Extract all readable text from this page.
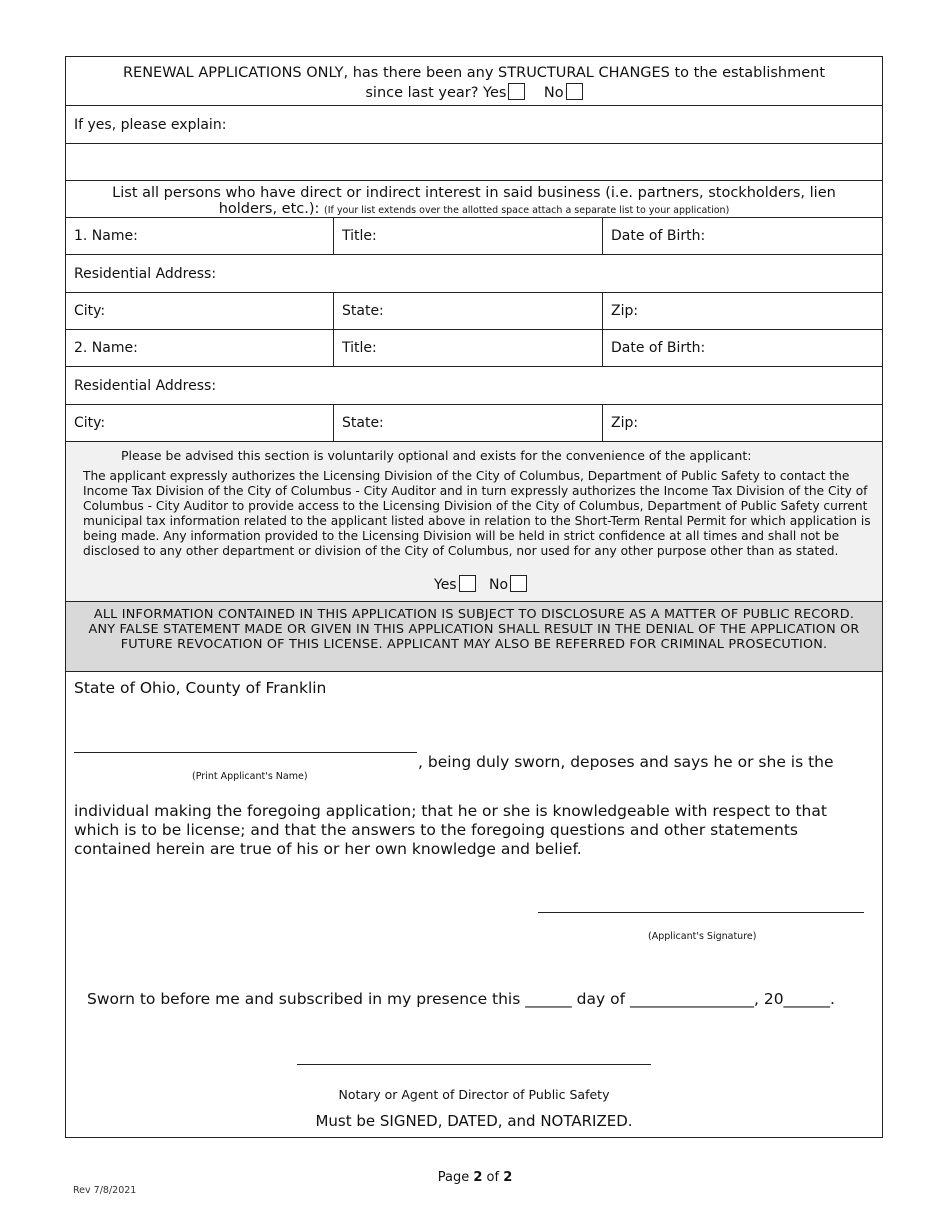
RENEWAL APPLICATIONS ONLY, has there been any STRUCTURAL CHANGES to the establishment
since last year? Yes	No
If yes, please explain:
List all persons who have direct or indirect interest in said business (i.e. partners, stockholders, lien holders, etc.): (If your list extends over the allotted space attach a separate list to your application)
1. Name:	Title:	Date of Birth:
Residential Address:
City:	State:	Zip:
2. Name:	Title:	Date of Birth:
Residential Address:
City:	State:	Zip:
Please be advised this section is voluntarily optional and exists for the convenience of the applicant:
The applicant expressly authorizes the Licensing Division of the City of Columbus, Department of Public Safety to contact the Income Tax Division of the City of Columbus - City Auditor and in turn expressly authorizes the Income Tax Division of the City of Columbus - City Auditor to provide access to the Licensing Division of the City of Columbus, Department of Public Safety current municipal tax information related to the applicant listed above in relation to the Short-Term Rental Permit for which application is being made. Any information provided to the Licensing Division will be held in strict confidence at all times and shall not be disclosed to any other department or division of the City of Columbus, nor used for any other purpose other than as stated.
Yes No
ALL INFORMATION CONTAINED IN THIS APPLICATION IS SUBJECT TO DISCLOSURE AS A MATTER OF PUBLIC RECORD. ANY FALSE STATEMENT MADE OR GIVEN IN THIS APPLICATION SHALL RESULT IN THE DENIAL OF THE APPLICATION OR FUTURE REVOCATION OF THIS LICENSE. APPLICANT MAY ALSO BE REFERRED FOR CRIMINAL PROSECUTION.
State of Ohio, County of Franklin
, being duly sworn, deposes and says he or she is the
(Print Applicant's Name)
individual making the foregoing application; that he or she is knowledgeable with respect to that which is to be license; and that the answers to the foregoing questions and other statements contained herein are true of his or her own knowledge and belief.
(Applicant's Signature)
Sworn to before me and subscribed in my presence this ______ day of ________________, 20______.
Notary or Agent of Director of Public Safety
Must be SIGNED, DATED, and NOTARIZED.
Page 2 of 2
Rev 7/8/2021
